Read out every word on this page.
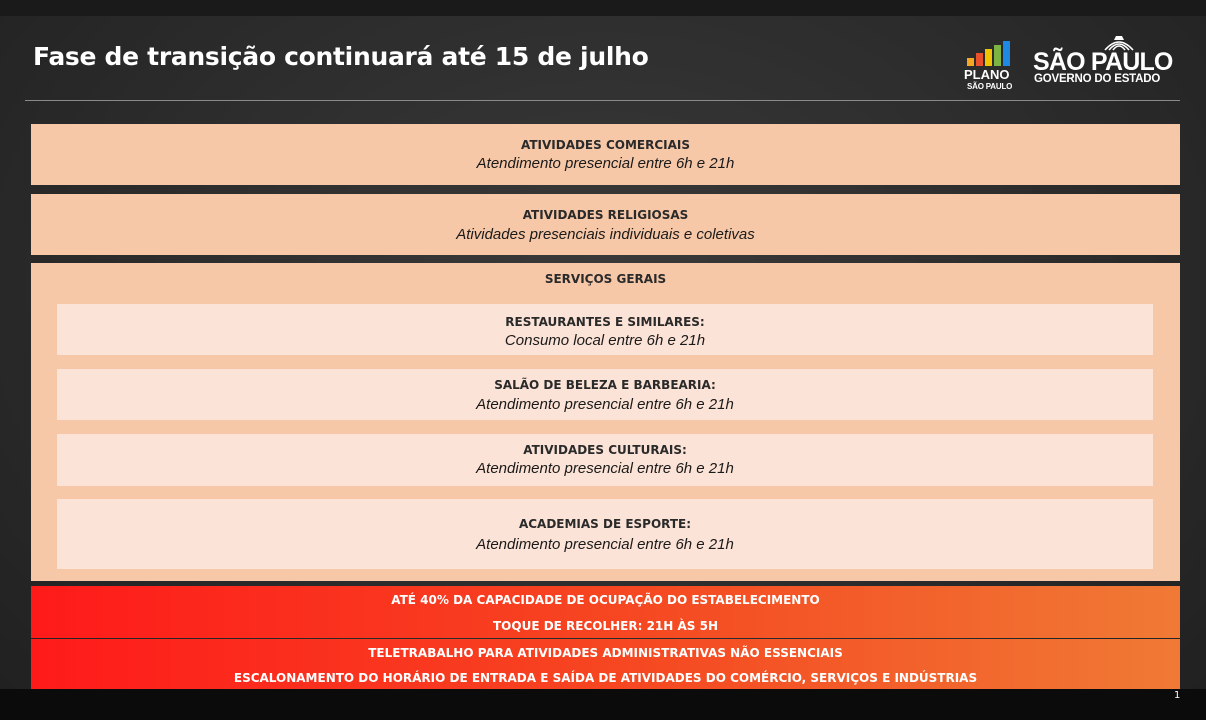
Fase de transição continuará até 15 de julho
PLANO
SÃO PAULO
SÃO PAULO
GOVERNO DO ESTADO
ATIVIDADES COMERCIAIS
Atendimento presencial entre 6h e 21h
ATIVIDADES RELIGIOSAS
Atividades presenciais individuais e coletivas
SERVIÇOS GERAIS
RESTAURANTES E SIMILARES:
Consumo local entre 6h e 21h
SALÃO DE BELEZA E BARBEARIA:
Atendimento presencial entre 6h e 21h
ATIVIDADES CULTURAIS:
Atendimento presencial entre 6h e 21h
ACADEMIAS DE ESPORTE:
Atendimento presencial entre 6h e 21h
ATÉ 40% DA CAPACIDADE DE OCUPAÇÃO DO ESTABELECIMENTO
TOQUE DE RECOLHER: 21H ÀS 5H
TELETRABALHO PARA ATIVIDADES ADMINISTRATIVAS NÃO ESSENCIAIS
ESCALONAMENTO DO HORÁRIO DE ENTRADA E SAÍDA DE ATIVIDADES DO COMÉRCIO, SERVIÇOS E INDÚSTRIAS
1
